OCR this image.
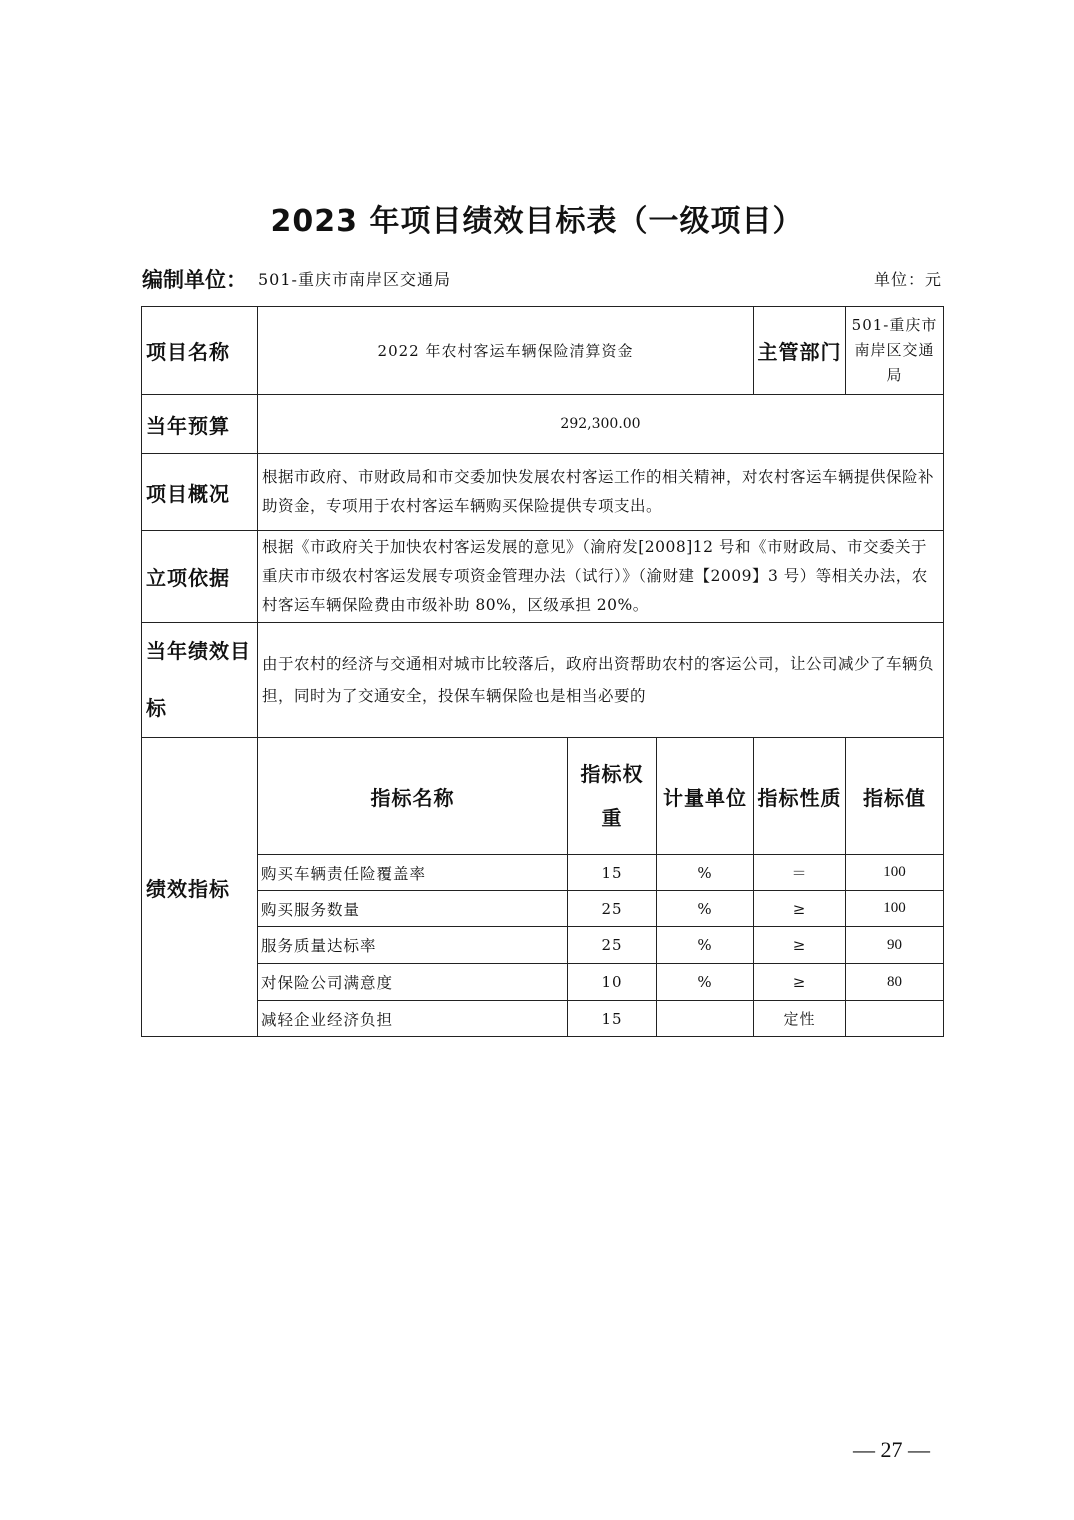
2023 年项目绩效目标表（一级项目）
编制单位： 501-重庆市南岸区交通局	单位：元
项目名称	2022 年农村客运车辆保险清算资金			主管部门	501-重庆市南岸区交通局
当年预算	292,300.00				
项目概况	根据市政府、市财政局和市交委加快发展农村客运工作的相关精神，对农村客运车辆提供保险补助资金，专项用于农村客运车辆购买保险提供专项支出。				
立项依据	根据《市政府关于加快农村客运发展的意见》（渝府发[2008]12 号和《市财政局、市交委关于重庆市市级农村客运发展专项资金管理办法（试行）》（渝财建【2009】3 号）等相关办法，农村客运车辆保险费由市级补助 80%，区级承担 20%。				
当年绩效目标	由于农村的经济与交通相对城市比较落后，政府出资帮助农村的客运公司，让公司减少了车辆负担，同时为了交通安全，投保车辆保险也是相当必要的				
绩效指标	指标名称	指标权重	计量单位	指标性质	指标值
	购买车辆责任险覆盖率	15	%	＝	100
	购买服务数量	25	%	≥	100
	服务质量达标率	25	%	≥	90
	对保险公司满意度	10	%	≥	80
	减轻企业经济负担	15		定性	
— 27 —
